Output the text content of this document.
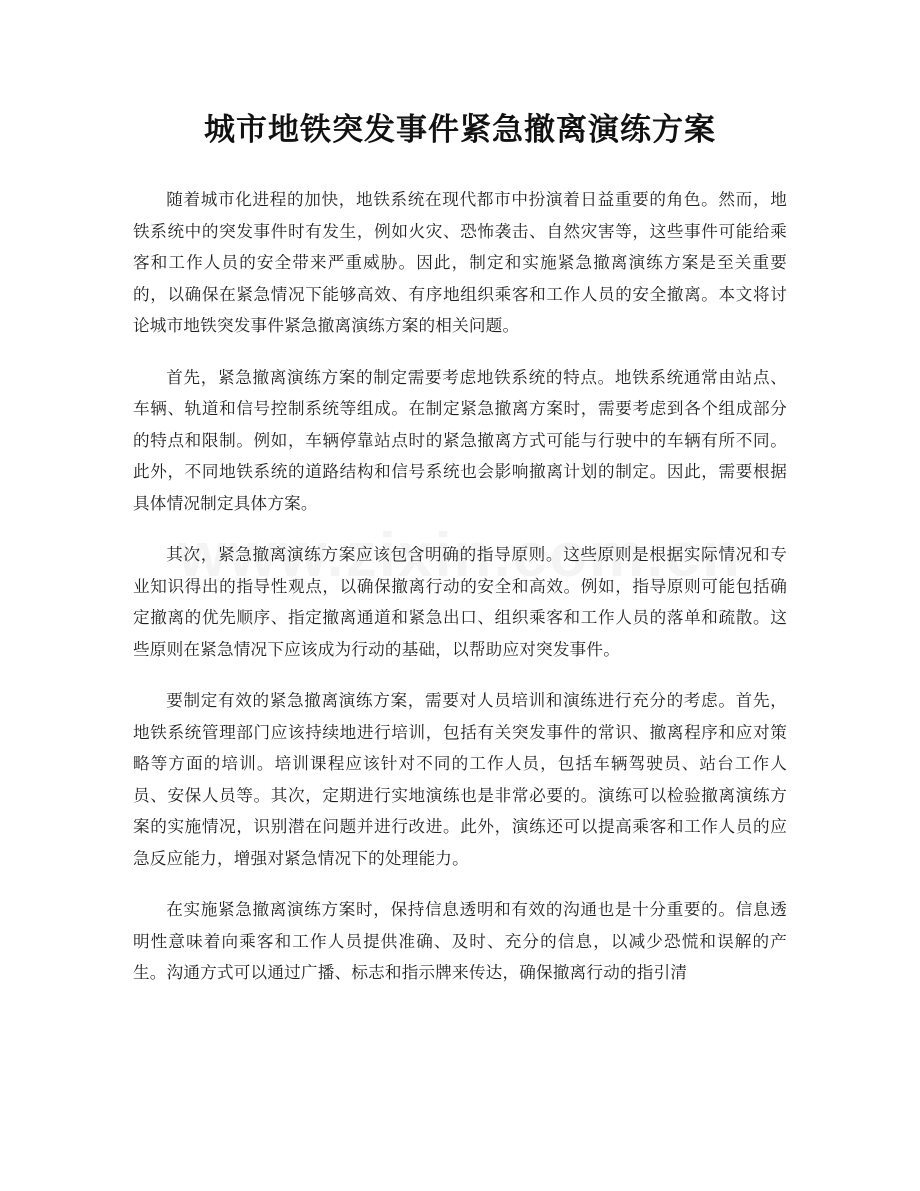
城市地铁突发事件紧急撤离演练方案

随着城市化进程的加快，地铁系统在现代都市中扮演着日益重要的角色。然而，地铁系统中的突发事件时有发生，例如火灾、恐怖袭击、自然灾害等，这些事件可能给乘客和工作人员的安全带来严重威胁。因此，制定和实施紧急撤离演练方案是至关重要的，以确保在紧急情况下能够高效、有序地组织乘客和工作人员的安全撤离。本文将讨论城市地铁突发事件紧急撤离演练方案的相关问题。

首先，紧急撤离演练方案的制定需要考虑地铁系统的特点。地铁系统通常由站点、车辆、轨道和信号控制系统等组成。在制定紧急撤离方案时，需要考虑到各个组成部分的特点和限制。例如，车辆停靠站点时的紧急撤离方式可能与行驶中的车辆有所不同。此外，不同地铁系统的道路结构和信号系统也会影响撤离计划的制定。因此，需要根据具体情况制定具体方案。

其次，紧急撤离演练方案应该包含明确的指导原则。这些原则是根据实际情况和专业知识得出的指导性观点，以确保撤离行动的安全和高效。例如，指导原则可能包括确定撤离的优先顺序、指定撤离通道和紧急出口、组织乘客和工作人员的落单和疏散。这些原则在紧急情况下应该成为行动的基础，以帮助应对突发事件。

要制定有效的紧急撤离演练方案，需要对人员培训和演练进行充分的考虑。首先，地铁系统管理部门应该持续地进行培训，包括有关突发事件的常识、撤离程序和应对策略等方面的培训。培训课程应该针对不同的工作人员，包括车辆驾驶员、站台工作人员、安保人员等。其次，定期进行实地演练也是非常必要的。演练可以检验撤离演练方案的实施情况，识别潜在问题并进行改进。此外，演练还可以提高乘客和工作人员的应急反应能力，增强对紧急情况下的处理能力。

在实施紧急撤离演练方案时，保持信息透明和有效的沟通也是十分重要的。信息透明性意味着向乘客和工作人员提供准确、及时、充分的信息，以减少恐慌和误解的产生。沟通方式可以通过广播、标志和指示牌来传达，确保撤离行动的指引清
